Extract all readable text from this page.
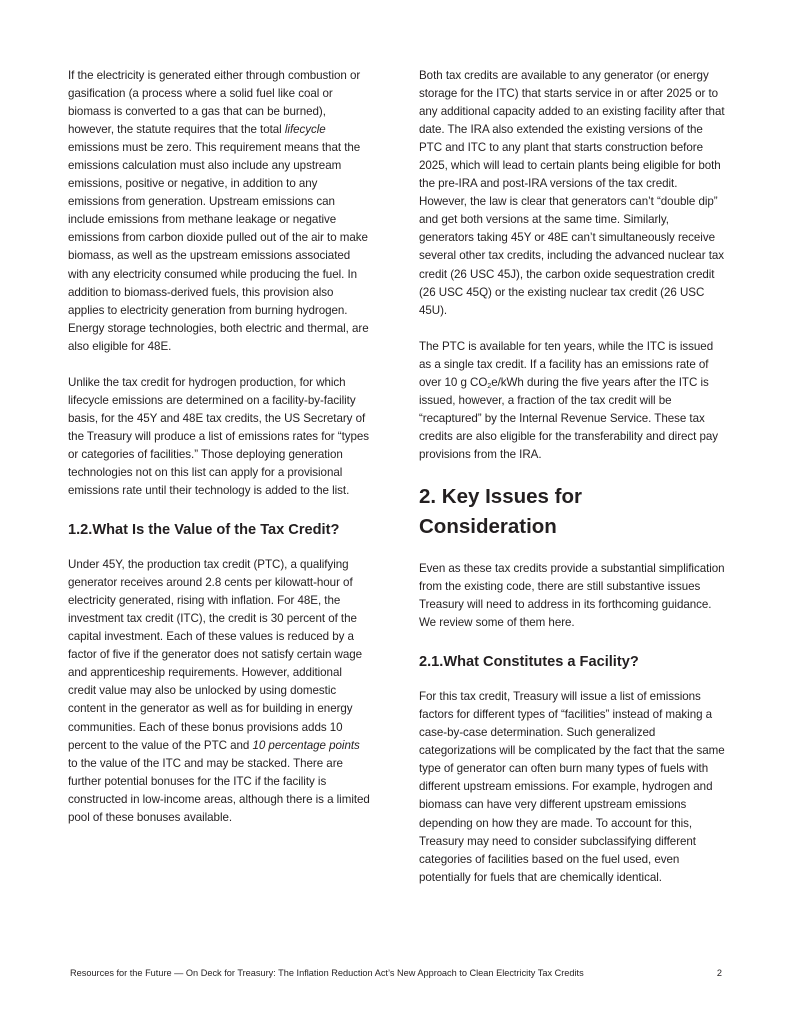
If the electricity is generated either through combustion or gasification (a process where a solid fuel like coal or biomass is converted to a gas that can be burned), however, the statute requires that the total lifecycle emissions must be zero. This requirement means that the emissions calculation must also include any upstream emissions, positive or negative, in addition to any emissions from generation. Upstream emissions can include emissions from methane leakage or negative emissions from carbon dioxide pulled out of the air to make biomass, as well as the upstream emissions associated with any electricity consumed while producing the fuel. In addition to biomass-derived fuels, this provision also applies to electricity generation from burning hydrogen. Energy storage technologies, both electric and thermal, are also eligible for 48E.

Unlike the tax credit for hydrogen production, for which lifecycle emissions are determined on a facility-by-facility basis, for the 45Y and 48E tax credits, the US Secretary of the Treasury will produce a list of emissions rates for “types or categories of facilities.” Those deploying generation technologies not on this list can apply for a provisional emissions rate until their technology is added to the list.

1.2.What Is the Value of the Tax Credit?

Under 45Y, the production tax credit (PTC), a qualifying generator receives around 2.8 cents per kilowatt-hour of electricity generated, rising with inflation. For 48E, the investment tax credit (ITC), the credit is 30 percent of the capital investment. Each of these values is reduced by a factor of five if the generator does not satisfy certain wage and apprenticeship requirements. However, additional credit value may also be unlocked by using domestic content in the generator as well as for building in energy communities. Each of these bonus provisions adds 10 percent to the value of the PTC and 10 percentage points to the value of the ITC and may be stacked. There are further potential bonuses for the ITC if the facility is constructed in low-income areas, although there is a limited pool of these bonuses available.

Both tax credits are available to any generator (or energy storage for the ITC) that starts service in or after 2025 or to any additional capacity added to an existing facility after that date. The IRA also extended the existing versions of the PTC and ITC to any plant that starts construction before 2025, which will lead to certain plants being eligible for both the pre-IRA and post-IRA versions of the tax credit. However, the law is clear that generators can’t “double dip” and get both versions at the same time. Similarly, generators taking 45Y or 48E can’t simultaneously receive several other tax credits, including the advanced nuclear tax credit (26 USC 45J), the carbon oxide sequestration credit (26 USC 45Q) or the existing nuclear tax credit (26 USC 45U).

The PTC is available for ten years, while the ITC is issued as a single tax credit. If a facility has an emissions rate of over 10 g $CO_2e$/kWh during the five years after the ITC is issued, however, a fraction of the tax credit will be “recaptured” by the Internal Revenue Service. These tax credits are also eligible for the transferability and direct pay provisions from the IRA.

2. Key Issues for Consideration

Even as these tax credits provide a substantial simplification from the existing code, there are still substantive issues Treasury will need to address in its forthcoming guidance. We review some of them here.

2.1.What Constitutes a Facility?

For this tax credit, Treasury will issue a list of emissions factors for different types of “facilities” instead of making a case-by-case determination. Such generalized categorizations will be complicated by the fact that the same type of generator can often burn many types of fuels with different upstream emissions. For example, hydrogen and biomass can have very different upstream emissions depending on how they are made. To account for this, Treasury may need to consider subclassifying different categories of facilities based on the fuel used, even potentially for fuels that are chemically identical.

Resources for the Future — On Deck for Treasury: The Inflation Reduction Act’s New Approach to Clean Electricity Tax Credits	2
